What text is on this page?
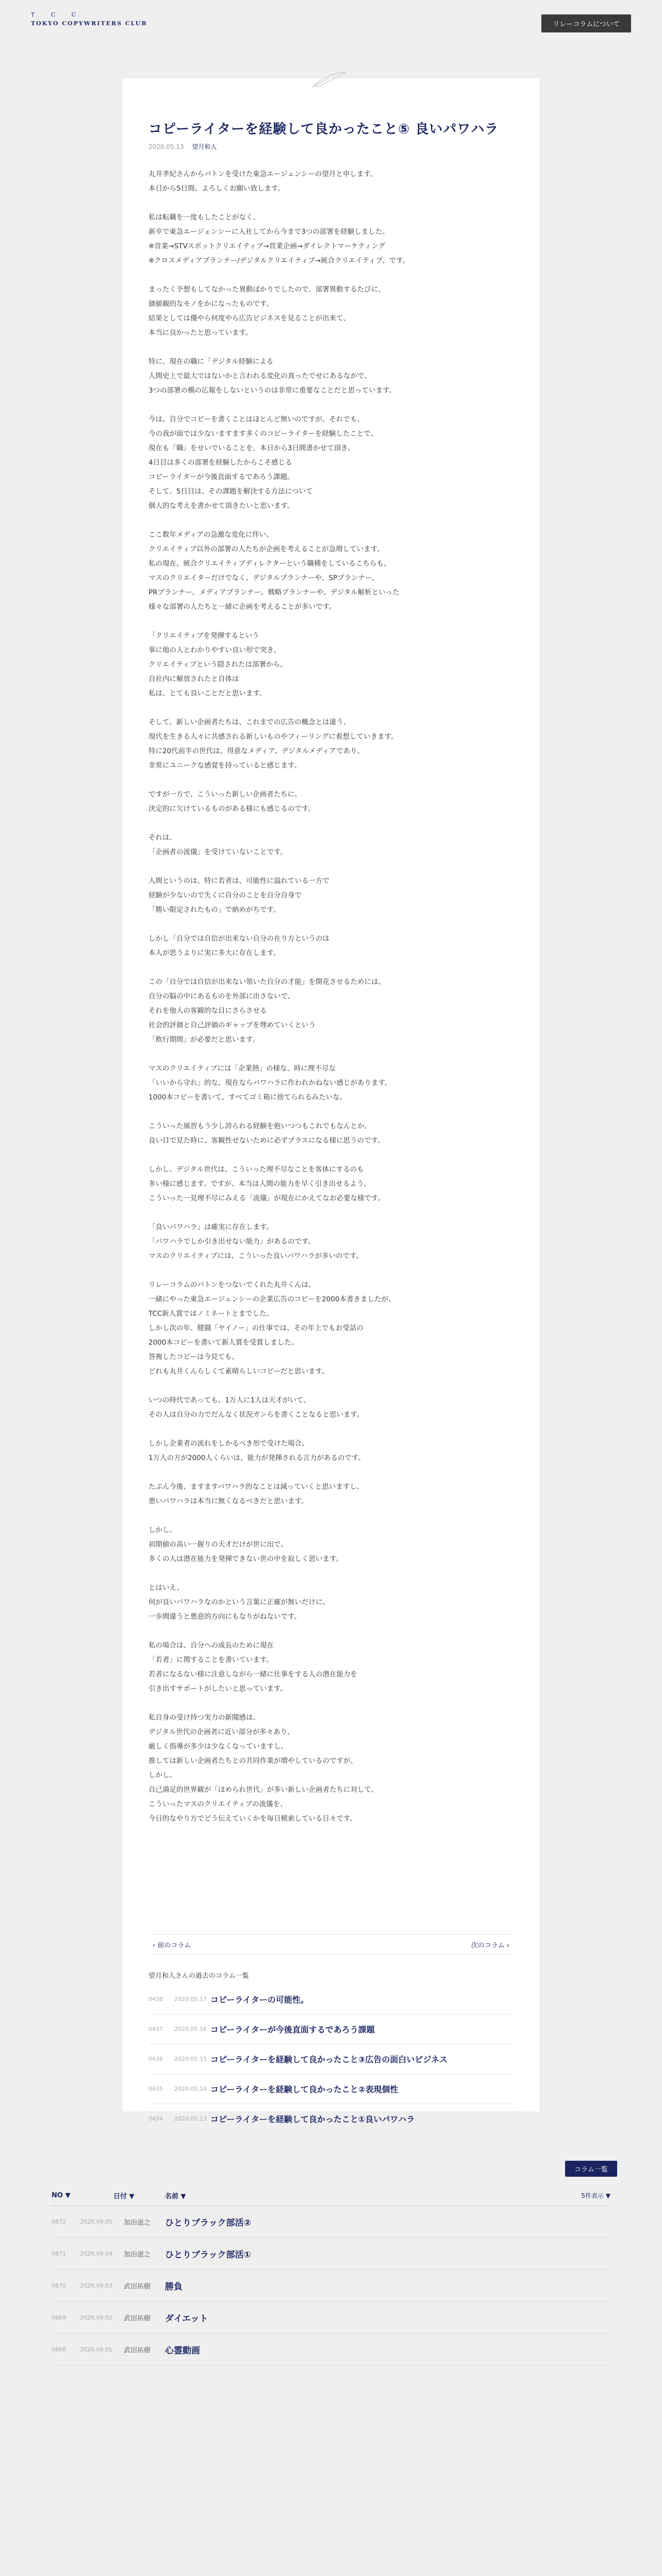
T C C
TOKYO COPYWRITERS CLUB	リレーコラムについて
コピーライターを経験して良かったこと⑤ 良いパワハラ
2020.05.13 望月和人
丸井孝紀さんからバトンを受けた東急エージェンシーの望月と申します。
本日から5日間、よろしくお願い致します。
私は転職を一度もしたことがなく、
新卒で東急エージェンシーに入社してから今まで3つの部署を経験しました。
※営業→STVスポットクリエイティブ→営業企画→ダイレクトマーケティング
※クロスメディアプランナー/デジタルクリエイティブ→統合クリエイティブ、です。
まったく予想もしてなかった異動ばかりでしたので、部署異動するたびに、
価値観的なモノをかになったものです。
結果としては優やら何度やら広告ビジネスを見ることが出来て、
本当に良かったと思っています。
特に、現在の職に「デジタル経験による
人間史上で最大ではないかと言われる変化の真ったでせにあるなかで、
3つの部署の橋の広報をしないというのは非常に重要なことだと思っています。
今は、自分でコピーを書くことはほとんど無いのですが、それでも、
今の我が面では少ないますます多くのコピーライターを経験したことで、
現在も「職」をせいでいることを、本日から3日間書かせて頂き、
4日目は多くの部署を経験したからこそ感じる
コピーライターが今後直面するであろう課題。
そして、5日目は、その課題を解決する方法について
個人的な考えを書かせて頂きたいと思います。
ここ数年メディアの急激な変化に伴い、
クリエイティブ以外の部署の人たちが企画を考えることが急増しています。
私の現在、統合クリエイティブディレクターという職種をしているこちらも、
マスのクリエイターだけでなく、デジタルプランナーや、SPプランナー、
PRプランナー、メディアプランナー、戦略プランナーや、デジタル解析といった
様々な部署の人たちと一緒に企画を考えることが多いです。
「クリエイティブを発揮するという
事に他の人とわかりやすい良い形で突き、
クリエイティブという隠されたは部署から、
自社内に解放されたと自体は
私は、とても良いことだと思います。
そして、新しい企画者たちは、これまでの広告の概念とは違う、
現代を生きる人々に共感される新しいものやフィーリングに着想していきます。
特に20代前半の世代は、得意なメディア、デジタルメディアであり、
非常にユニークな感覚を持っていると感じます。
ですが一方で、こういった新しい企画者たちに、
決定的に欠けているものがある様にも感じるのです。
それは、
「企画者の流儀」を受けていないことです。
人間というのは、特に若者は、可能性に溢れている一方で
経験が少ないので失くに自分のことを自分自身で
「勝い限定されたもの」で納めがちです。
しかし「自分では自信が出来ない自分の在り方というのは
本人が思うよりに実に多大に存在します。
この「自分では自信が出来ない領いた自分の才能」を開花させるためには、
自分の脳の中にあるものを外部に出さないで、
それを他人の客観的な目にさらさせる
社会的評価と自己評価のギャップを埋めていくという
「飲行期間」が必要だと思います。
マスのクリエイティブには「企業熱」の様な、時に理不尽な
「いいから守れ」的な、現在ならパワハラに作われかねない感じがあります。
1000本コピーを書いて、すべてゴミ箱に捨てられるみたいな。
こういった風習もう少し誇られる経験を抱いつつもこれでもなんとか、
良い目で見た時に、客観性せないために必ずプラスになる様に思うのです。
しかし、デジタル世代は、こういった理不尽なことを客体にするのも
多い様に感じます。ですが、本当は人間の能力を早く引き出せるよう、
こういった一見理不尽にみえる「流儀」が現在にかえてなお必要な様です。
「良いパワハラ」は確実に存在します。
「パワハラでしか引き出せない能力」があるのです。
マスのクリエイティブには、こういった良いパワハラが多いのです。
リレーコラムのバトンをつないでくれた丸井くんは、
一緒にやった東急エージェンシーの企業広告のコピーを2000本書きましたが、
TCC新人賞ではノミネートとまでした。
しかし次の年、健闘「ヤイノー」の仕事では、その年上でもお受話の
2000本コピーを書いて新人賞を受賞しました。
答複したコピーは今見ても、
どれも丸井くんらしくて素晴らしいコピーだと思います。
いつの時代であっても、1万人に1人は天才がいて、
その人は自分の力でだんなく状況ガンらを書くことなると思います。
しかし企業者の流れをしかるべき形で受けた場合、
1万人の方が2000人くらいは、能力が発揮される言力があるのです。
たぶん今後、ますますパワハラ的なことは減っていくと思いますし、
悪いパワハラは本当に無くなるべきだと思います。
しかし、
初期値の高い一握りの天才だけが世に出で、
多くの人は潜在能力を発揮できない世の中を寂しく思います。
とはいえ、
何が良いパワハラなのかという言葉に正確が無いだけに、
一歩間違うと悪意的方向にもなりがねないです。
私の場合は、自分への成長のために現在
「若者」に関することを書いています。
若者になるない様に注意しながら一緒に仕事をする人の潜在能力を
引き出すサポートがしたいと思っています。
私自身の受け持つ実力の新聞感は、
デジタル世代の企画者に近い部分が多々あり、
厳しく指導が多少は少なくなっていますし、
推しては新しい企画者たちとの共同作業が増やしているのですが、
しかし、
自己満足的世界観が「ほめられ世代」が多い新しい企画者たちに対して、
こういったマスのクリエイティブの流儀を、
今日的なやり方でどう伝えていくかを毎日模索している日々です。
‹ 前のコラム	次のコラム ›
望月和人さんの過去のコラム一覧
0438	2020.05.17 コピーライターの可能性。
0437	2020.05.16 コピーライターが今後直面するであろう課題
0436	2020.05.15 コピーライターを経験して良かったこと③広告の面白いビジネス
0435	2020.05.14 コピーライターを経験して良かったこと②表現個性
0434	2020.05.13 コピーライターを経験して良かったこと①良いパワハラ
コラム一覧
NO ▼	日付 ▼	名前 ▼	5件表示 ▼
0872	2020.09.05	加治滋之	ひとりブラック部活②
0871	2020.09.04	加治滋之	ひとりブラック部活①
0870	2020.09.03	武田祐樹	勝負
0869	2020.09.02	武田祐樹	ダイエット
0868	2020.09.01	武田祐樹	心霊動画
